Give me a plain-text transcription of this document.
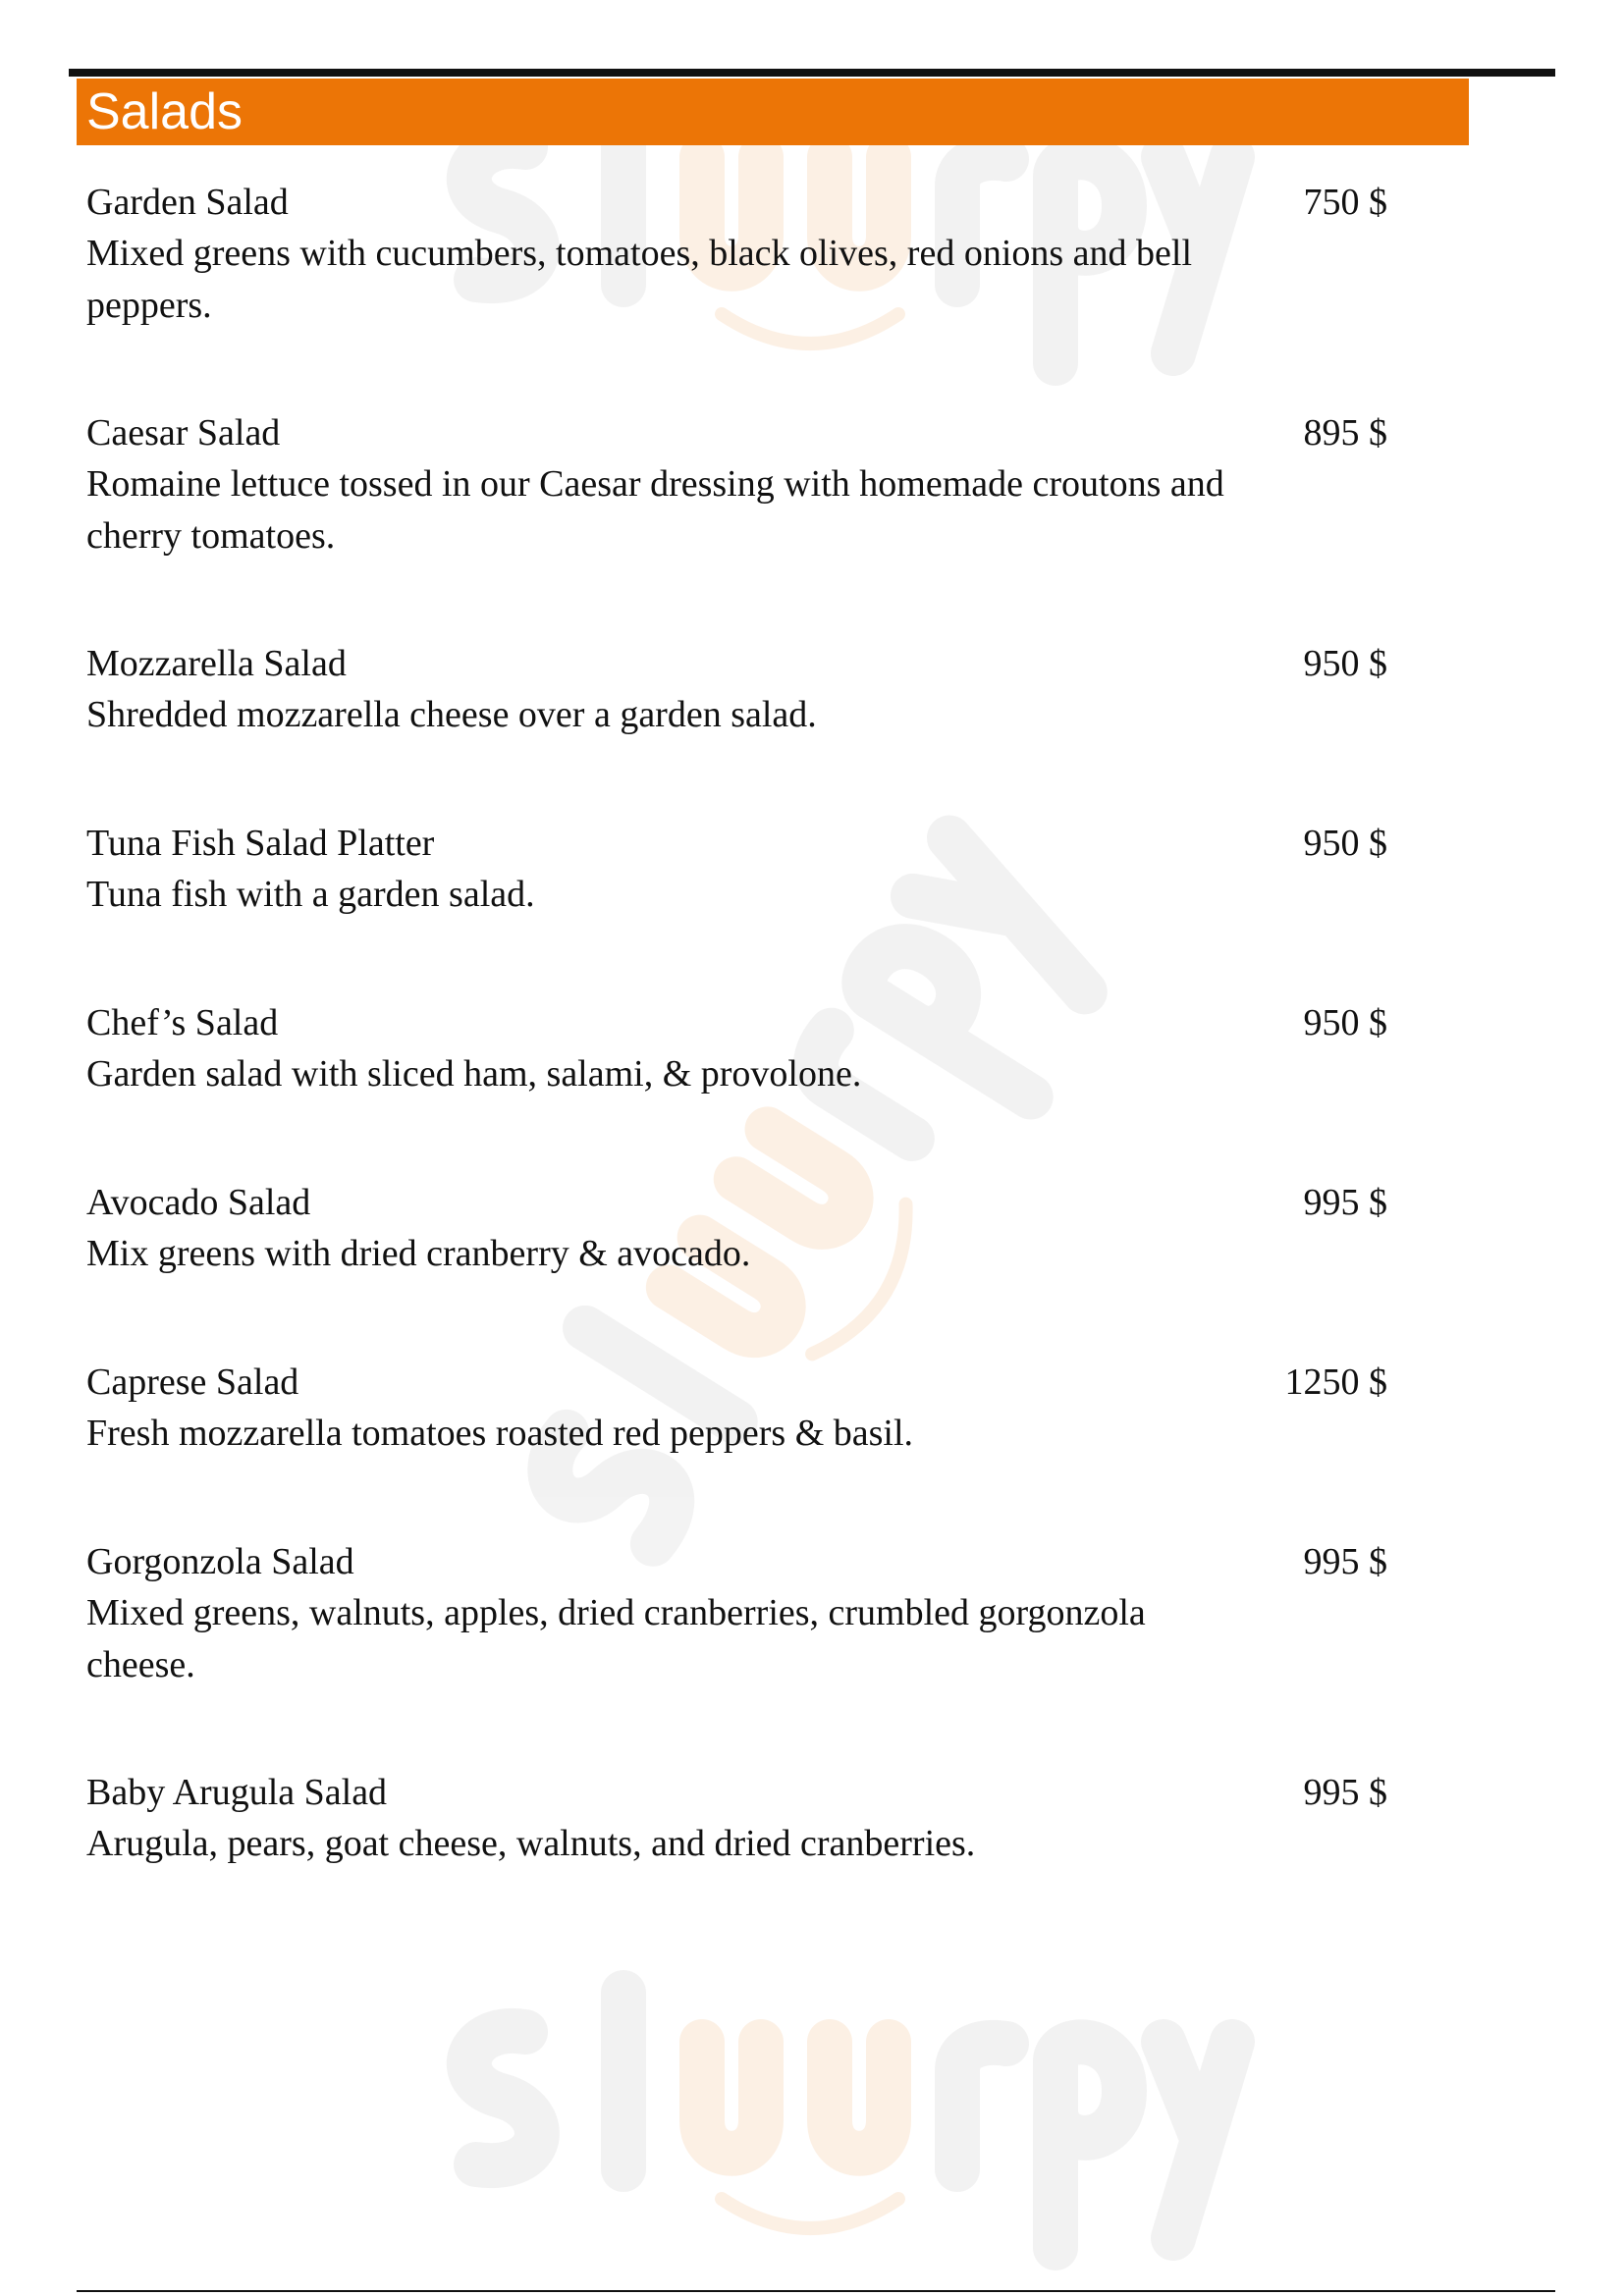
Salads
Garden Salad
Mixed greens with cucumbers, tomatoes, black olives, red onions and bell peppers.
750 $
Caesar Salad
Romaine lettuce tossed in our Caesar dressing with homemade croutons and cherry tomatoes.
895 $
Mozzarella Salad
Shredded mozzarella cheese over a garden salad.
950 $
Tuna Fish Salad Platter
Tuna fish with a garden salad.
950 $
Chef’s Salad
Garden salad with sliced ham, salami, & provolone.
950 $
Avocado Salad
Mix greens with dried cranberry & avocado.
995 $
Caprese Salad
Fresh mozzarella tomatoes roasted red peppers & basil.
1250 $
Gorgonzola Salad
Mixed greens, walnuts, apples, dried cranberries, crumbled gorgonzola cheese.
995 $
Baby Arugula Salad
Arugula, pears, goat cheese, walnuts, and dried cranberries.
995 $
